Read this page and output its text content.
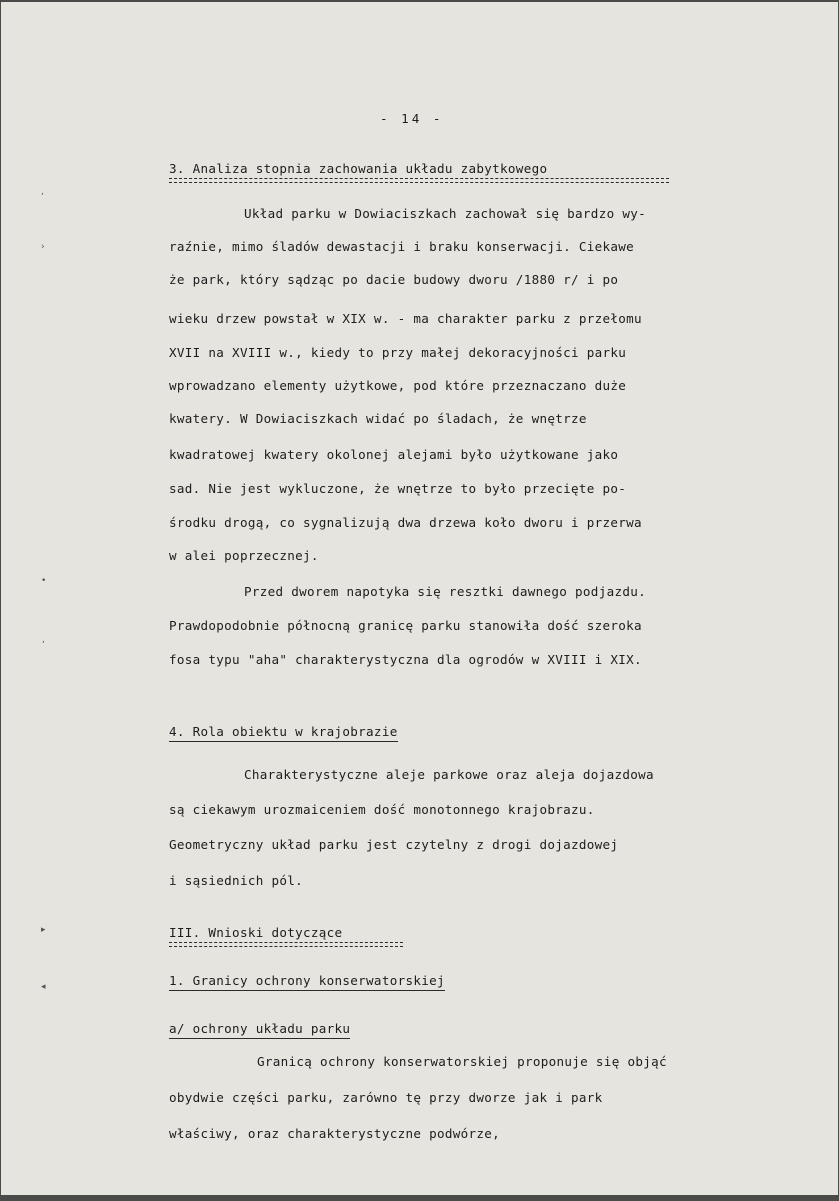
,
›
•
,
▸
◂
- 14 -
3. Analiza stopnia zachowania układu zabytkowego
Układ parku w Dowiaciszkach zachował się bardzo wy-
raźnie, mimo śladów dewastacji i braku konserwacji. Ciekawe
że park, który sądząc po dacie budowy dworu /1880 r/ i po
wieku drzew powstał w XIX w. - ma charakter parku z przełomu
XVII na XVIII w., kiedy to przy małej dekoracyjności parku
wprowadzano elementy użytkowe, pod które przeznaczano duże
kwatery. W Dowiaciszkach widać po śladach, że wnętrze
kwadratowej kwatery okolonej alejami było użytkowane jako
sad. Nie jest wykluczone, że wnętrze to było przecięte po-
środku drogą, co sygnalizują dwa drzewa koło dworu i przerwa
w alei poprzecznej.
Przed dworem napotyka się resztki dawnego podjazdu.
Prawdopodobnie północną granicę parku stanowiła dość szeroka
fosa typu "aha" charakterystyczna dla ogrodów w XVIII i XIX.
4. Rola obiektu w krajobrazie
Charakterystyczne aleje parkowe oraz aleja dojazdowa
są ciekawym urozmaiceniem dość monotonnego krajobrazu.
Geometryczny układ parku jest czytelny z drogi dojazdowej
i sąsiednich pól.
III. Wnioski dotyczące
1. Granicy ochrony konserwatorskiej
a/ ochrony układu parku
Granicą ochrony konserwatorskiej proponuje się objąć
obydwie części parku, zarówno tę przy dworze jak i park
właściwy, oraz charakterystyczne podwórze,
